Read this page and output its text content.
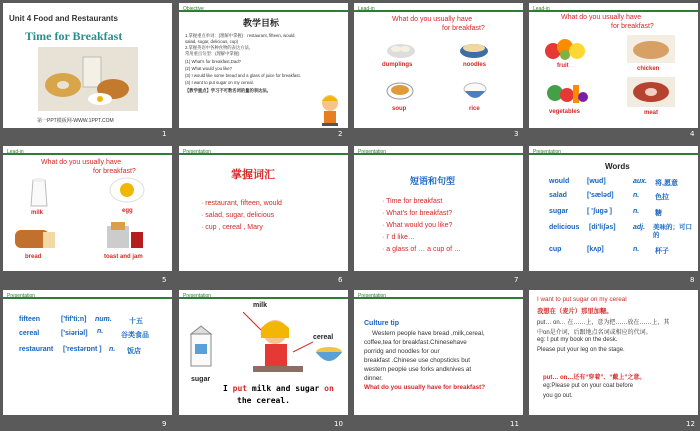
Unit 4 Food and Restaurants
Time for Breakfast
第一PPT模板网-WWW.1PPT.COM
1
Objective
教学目标
1.掌握重点单词：(理解中掌握)：restaurant, fifteen, would,
salad, sugar, delicious, cup)
2.掌握英语中各种食物的表达方法。
常用重点句型：(理解中掌握)
(1) What's for breakfast,Dad?
(2) What would you like?
(3) I would like some bread and a glass of juice for breakfast.
(4) I want to put sugar on my cereal.
【教学重点】学习不可数名词的量的表达法。
2
Lead-in
What do you usually have
for breakfast?
dumplings	noodles
soup	rice
3
Lead-in
What do you usually have
for breakfast?
fruit	chicken
vegetables	meat
4
Lead-in
What do you usually have
for breakfast?
milk	egg
bread	toast and jam
5
Presentation
掌握词汇
· restaurant, fifteen, would
· salad, sugar, delicious
· cup , cereal , Mary
6
Presentation
短语和句型
· Time for breakfast
· What's for breakfast?
· What would you like?
· I' d like…
· a glass of … a cup of …
7
Presentation
Words
would	[wud]	aux. 将,愿意
salad	['sæləd]	n. 色拉
sugar	[ 'ʃugə ]	n. 糖
delicious [di'liʃəs] adj. 美味的；可口的
cup	[kʌp]	n. 杯子
8
Presentation
fifteen	['fif'ti:n] num. 十五
cereal	['siəriəl] n.
谷类食品
restaurant ['restərɒnt ] n. 饭店
9
Presentation
milk
cereal
sugar
I put milk and sugar on
the cereal.
10
Presentation
Culture tip
Western people have bread ,milk,cereal,
coffee,tea for breakfast.Chinesehave
porridg and noodles for our
breakfast .Chinese use chopsticks but
western people use forks andknives at
dinner.
What do you usually have for breakfast?
11
I want to put sugar on my cereal
我想在（麦片）那里加糖。
put… on… 在……上，意为把……放在……上，其
中on是介词，后跟地点名词或相应的代词。
eg: I put my book on the desk.
Please put your leg on the stage.
put… on…还有“穿着”、“戴上”之意。
eg:Please put on your coat before
you go out.
12
